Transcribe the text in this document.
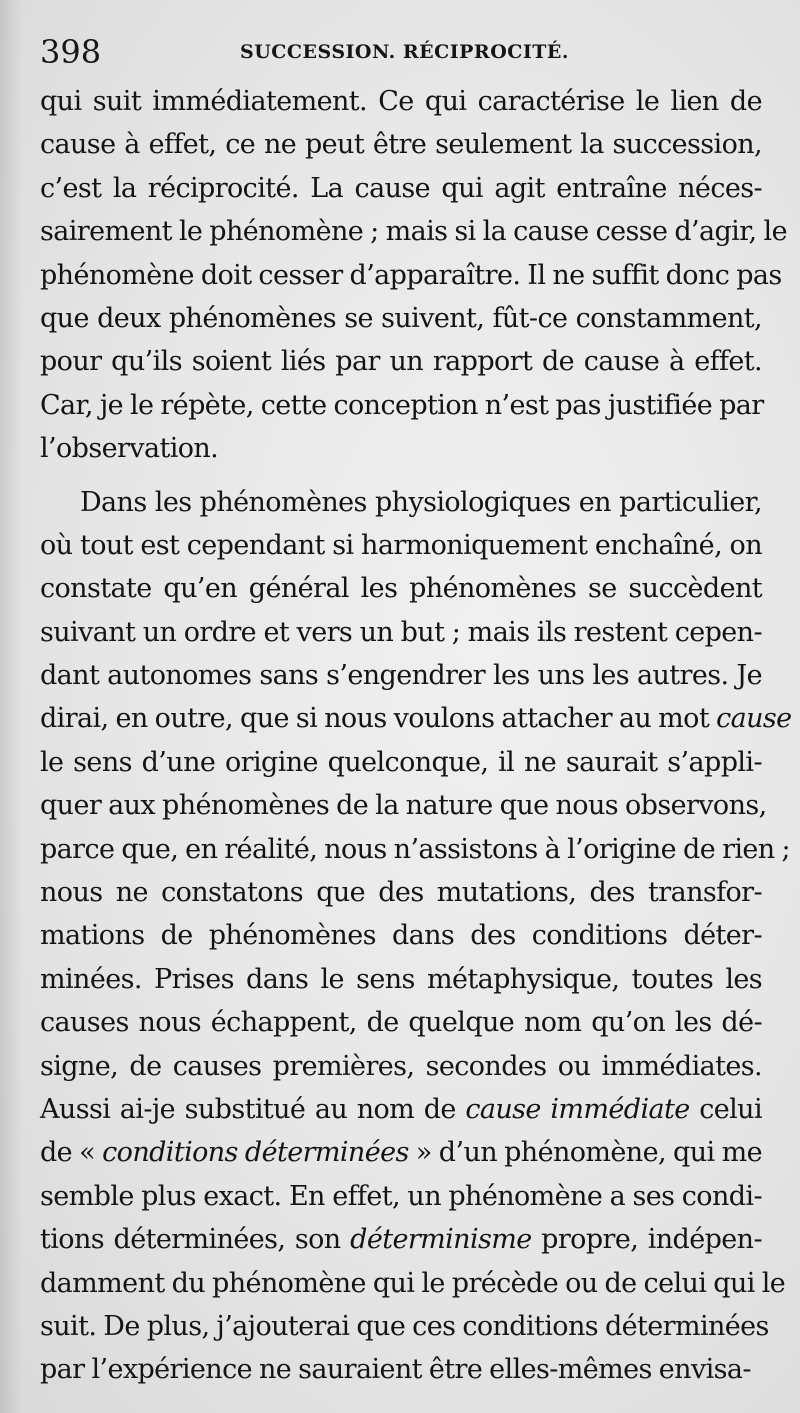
398	SUCCESSION. RÉCIPROCITÉ.
qui suit immédiatement. Ce qui caractérise le lien de
cause à effet, ce ne peut être seulement la succession,
c’est la réciprocité. La cause qui agit entraîne néces-
sairement le phénomène ; mais si la cause cesse d’agir, le
phénomène doit cesser d’apparaître. Il ne suffit donc pas
que deux phénomènes se suivent, fût-ce constamment,
pour qu’ils soient liés par un rapport de cause à effet.
Car, je le répète, cette conception n’est pas justifiée par
l’observation.
Dans les phénomènes physiologiques en particulier,
où tout est cependant si harmoniquement enchaîné, on
constate qu’en général les phénomènes se succèdent
suivant un ordre et vers un but ; mais ils restent cepen-
dant autonomes sans s’engendrer les uns les autres. Je
dirai, en outre, que si nous voulons attacher au mot cause
le sens d’une origine quelconque, il ne saurait s’appli-
quer aux phénomènes de la nature que nous observons,
parce que, en réalité, nous n’assistons à l’origine de rien ;
nous ne constatons que des mutations, des transfor-
mations de phénomènes dans des conditions déter-
minées. Prises dans le sens métaphysique, toutes les
causes nous échappent, de quelque nom qu’on les dé-
signe, de causes premières, secondes ou immédiates.
Aussi ai-je substitué au nom de cause immédiate celui
de « conditions déterminées » d’un phénomène, qui me
semble plus exact. En effet, un phénomène a ses condi-
tions déterminées, son déterminisme propre, indépen-
damment du phénomène qui le précède ou de celui qui le
suit. De plus, j’ajouterai que ces conditions déterminées
par l’expérience ne sauraient être elles-mêmes envisa-
